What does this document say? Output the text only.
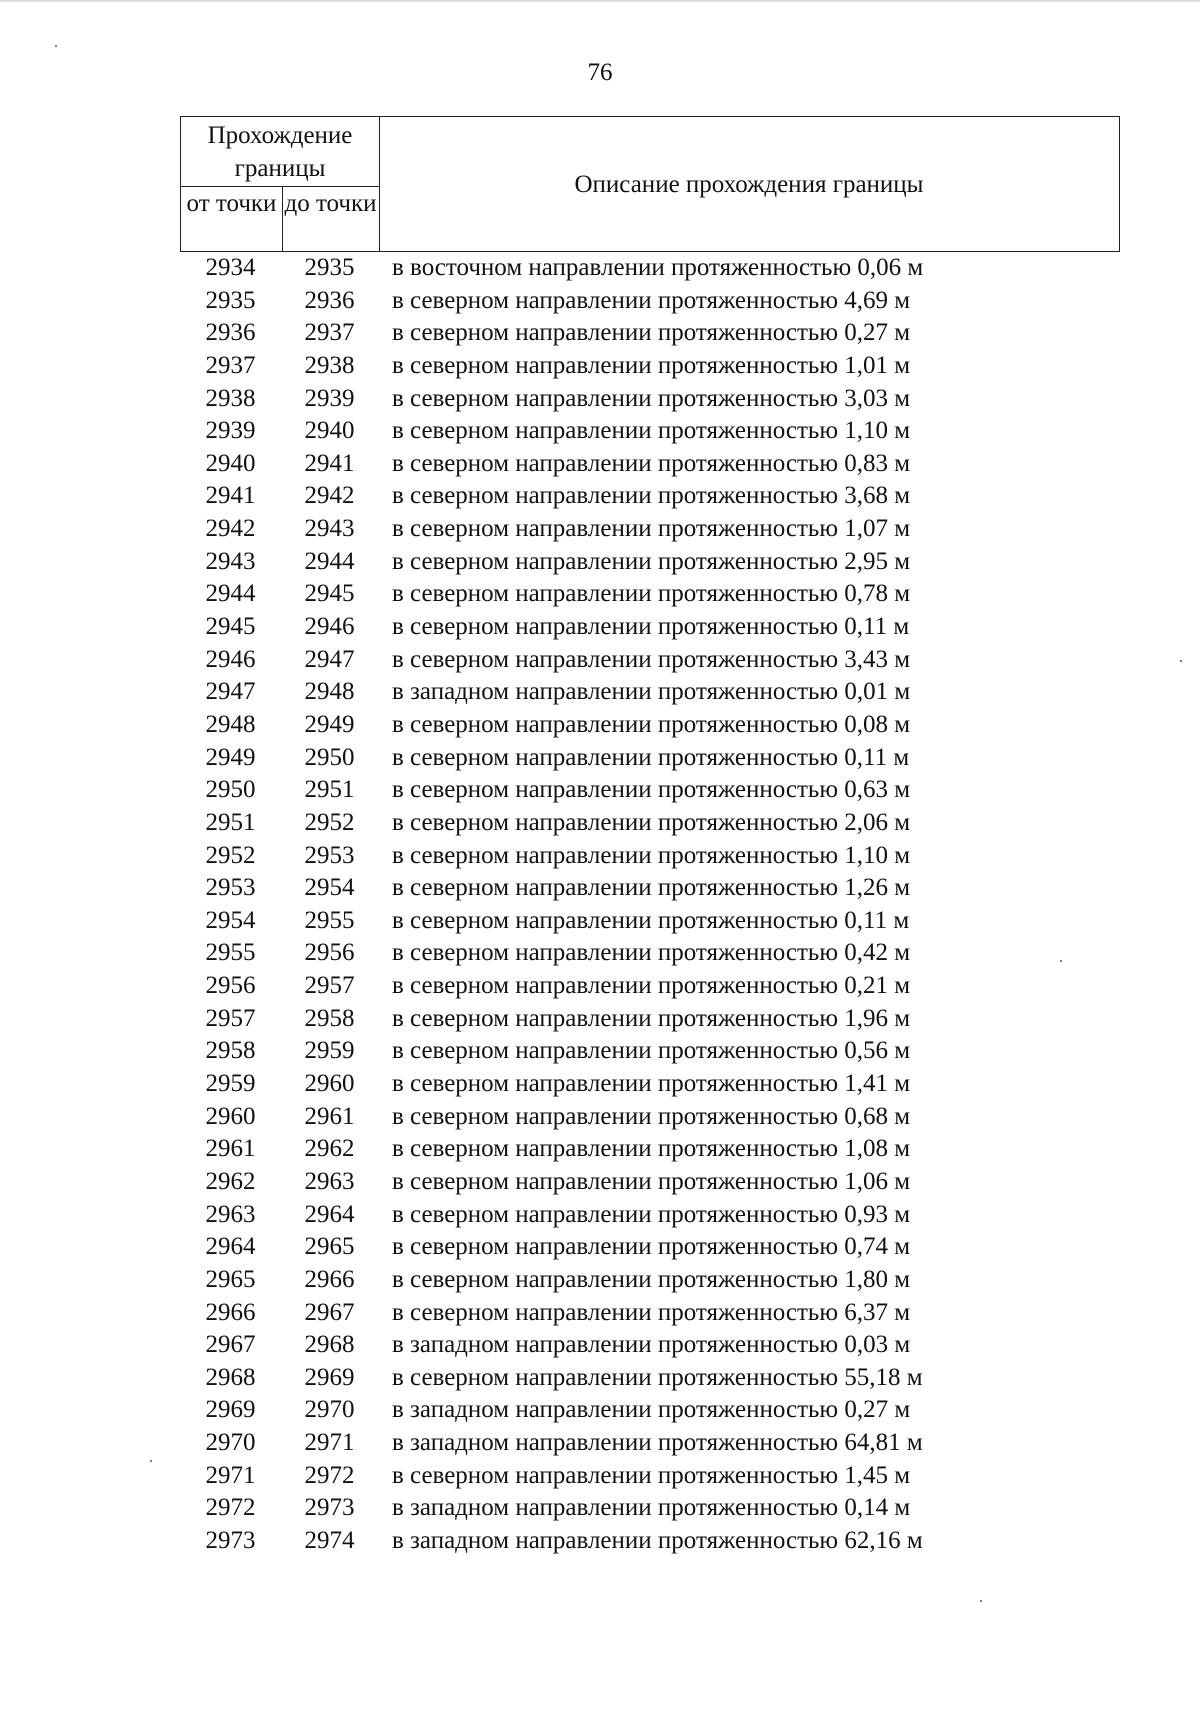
76
Прохождение границы
от точки до точки
Описание прохождения границы
2934	2935	в восточном направлении протяженностью 0,06 м
2935	2936	в северном направлении протяженностью 4,69 м
2936	2937	в северном направлении протяженностью 0,27 м
2937	2938	в северном направлении протяженностью 1,01 м
2938	2939	в северном направлении протяженностью 3,03 м
2939	2940	в северном направлении протяженностью 1,10 м
2940	2941	в северном направлении протяженностью 0,83 м
2941	2942	в северном направлении протяженностью 3,68 м
2942	2943	в северном направлении протяженностью 1,07 м
2943	2944	в северном направлении протяженностью 2,95 м
2944	2945	в северном направлении протяженностью 0,78 м
2945	2946	в северном направлении протяженностью 0,11 м
2946	2947	в северном направлении протяженностью 3,43 м
2947	2948	в западном направлении протяженностью 0,01 м
2948	2949	в северном направлении протяженностью 0,08 м
2949	2950	в северном направлении протяженностью 0,11 м
2950	2951	в северном направлении протяженностью 0,63 м
2951	2952	в северном направлении протяженностью 2,06 м
2952	2953	в северном направлении протяженностью 1,10 м
2953	2954	в северном направлении протяженностью 1,26 м
2954	2955	в северном направлении протяженностью 0,11 м
2955	2956	в северном направлении протяженностью 0,42 м
2956	2957	в северном направлении протяженностью 0,21 м
2957	2958	в северном направлении протяженностью 1,96 м
2958	2959	в северном направлении протяженностью 0,56 м
2959	2960	в северном направлении протяженностью 1,41 м
2960	2961	в северном направлении протяженностью 0,68 м
2961	2962	в северном направлении протяженностью 1,08 м
2962	2963	в северном направлении протяженностью 1,06 м
2963	2964	в северном направлении протяженностью 0,93 м
2964	2965	в северном направлении протяженностью 0,74 м
2965	2966	в северном направлении протяженностью 1,80 м
2966	2967	в северном направлении протяженностью 6,37 м
2967	2968	в западном направлении протяженностью 0,03 м
2968	2969	в северном направлении протяженностью 55,18 м
2969	2970	в западном направлении протяженностью 0,27 м
2970	2971	в западном направлении протяженностью 64,81 м
2971	2972	в северном направлении протяженностью 1,45 м
2972	2973	в западном направлении протяженностью 0,14 м
2973	2974	в западном направлении протяженностью 62,16 м
